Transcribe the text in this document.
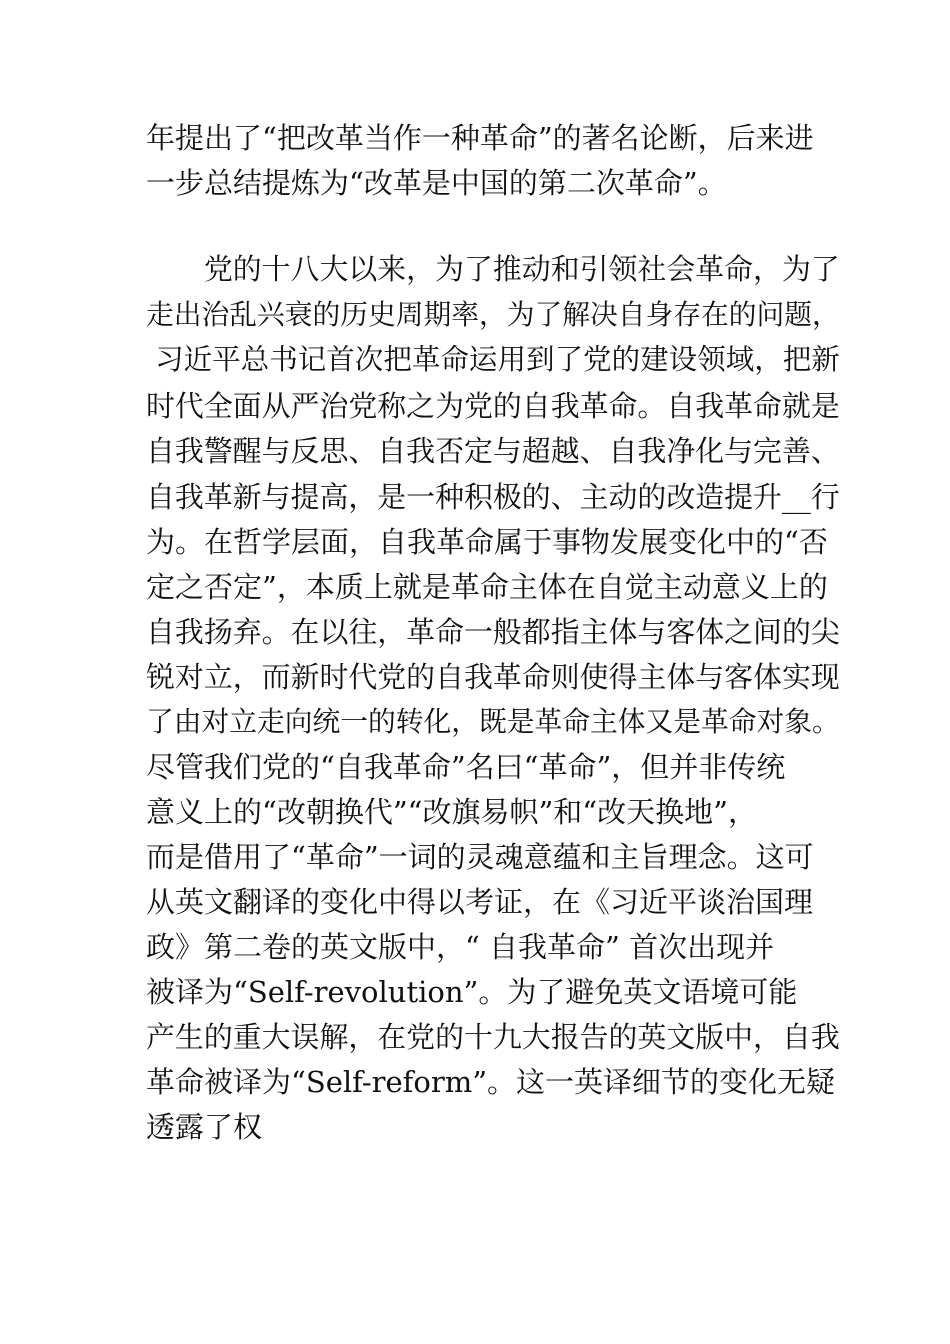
年提出了“把改革当作一种革命”的著名论断，后来进
一步总结提炼为“改革是中国的第二次革命”。
　　党的十八大以来，为了推动和引领社会革命，为了
走出治乱兴衰的历史周期率，为了解决自身存在的问题，
习近平总书记首次把革命运用到了党的建设领域，把新
时代全面从严治党称之为党的自我革命。自我革命就是
自我警醒与反思、自我否定与超越、自我净化与完善、
自我革新与提高，是一种积极的、主动的改造提升__行
为。在哲学层面，自我革命属于事物发展变化中的“否
定之否定”，本质上就是革命主体在自觉主动意义上的
自我扬弃。在以往，革命一般都指主体与客体之间的尖
锐对立，而新时代党的自我革命则使得主体与客体实现
了由对立走向统一的转化，既是革命主体又是革命对象。
尽管我们党的“自我革命”名曰“革命”，但并非传统
意义上的“改朝换代”“改旗易帜”和“改天换地”，
而是借用了“革命”一词的灵魂意蕴和主旨理念。这可
从英文翻译的变化中得以考证，在《习近平谈治国理
政》第二卷的英文版中，“ 自我革命” 首次出现并
被译为“Self-revolution”。为了避免英文语境可能
产生的重大误解，在党的十九大报告的英文版中，自我
革命被译为“Self-reform”。这一英译细节的变化无疑
透露了权
